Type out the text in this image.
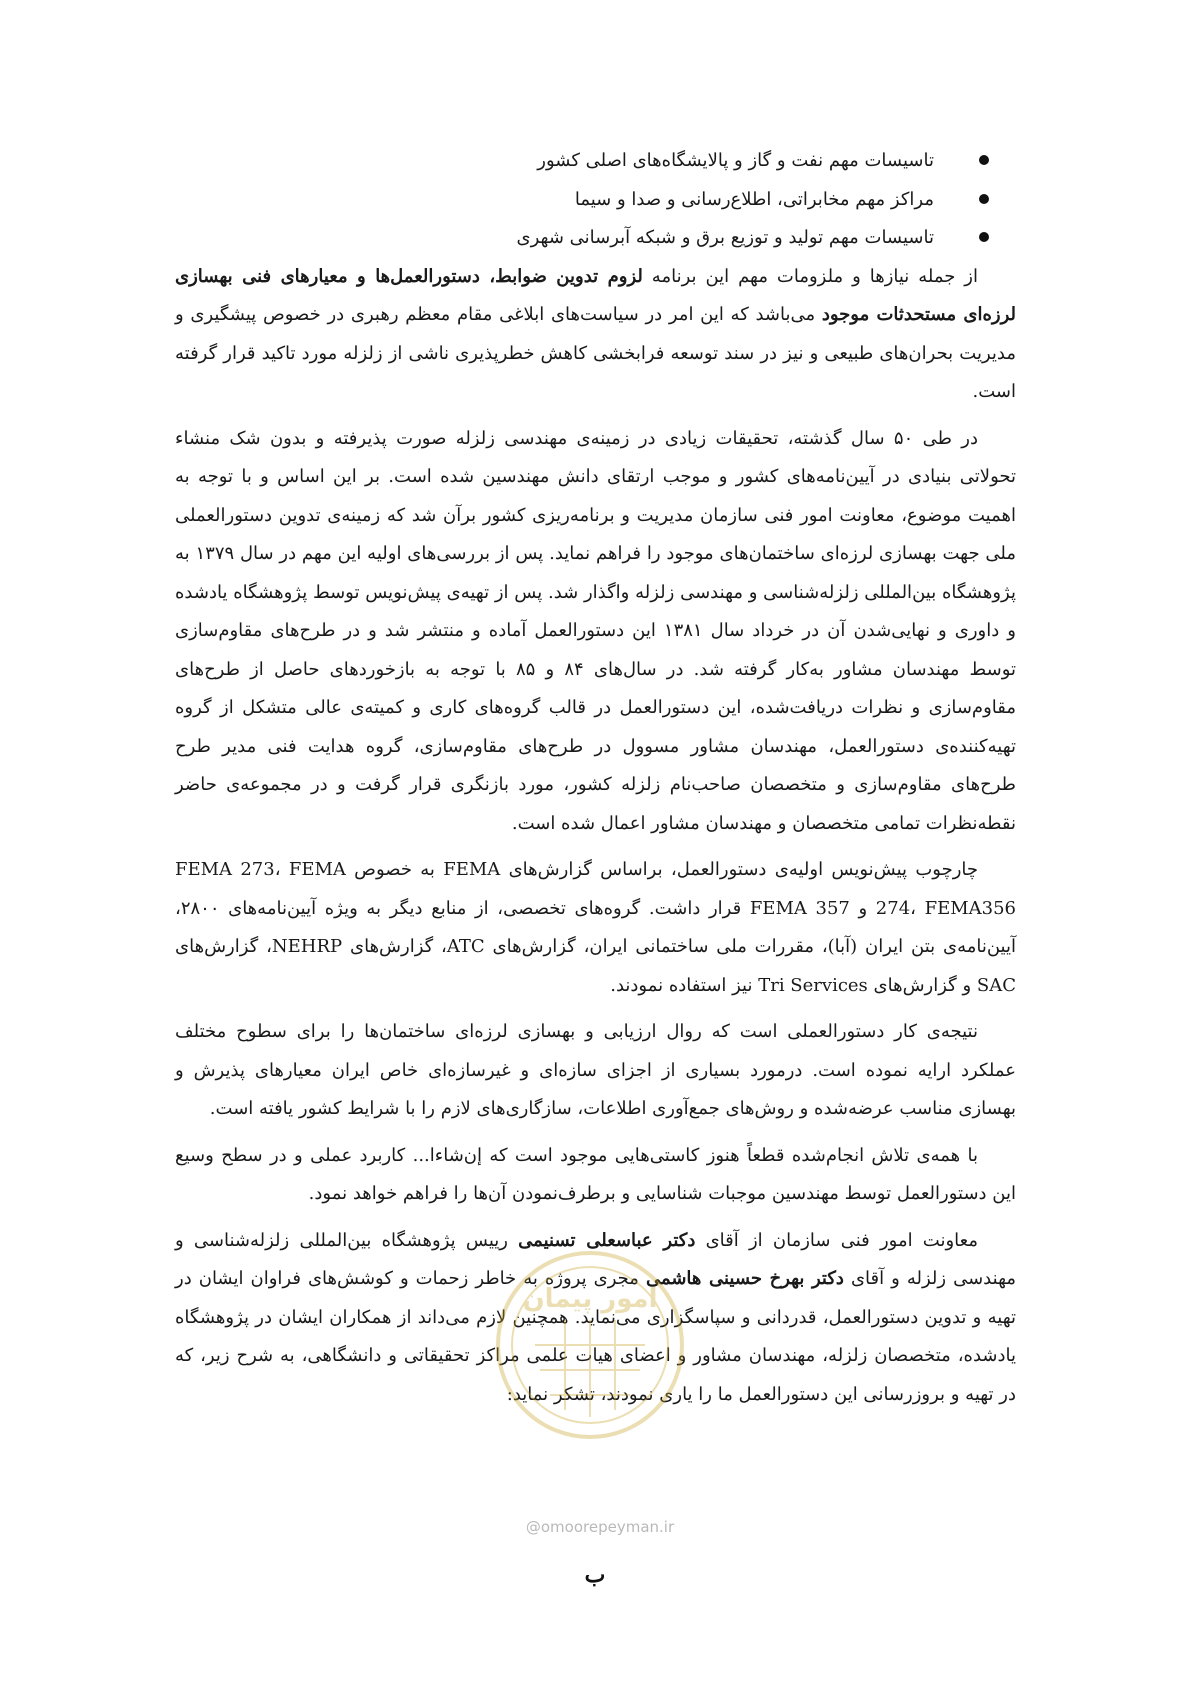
تاسیسات مهم نفت و گاز و پالایشگاه‌های اصلی کشور
مراکز مهم مخابراتی، اطلاع‌رسانی و صدا و سیما
تاسیسات مهم تولید و توزیع برق و شبکه آبرسانی شهری

از جمله نیازها و ملزومات مهم این برنامه لزوم تدوین ضوابط، دستورالعمل‌ها و معیارهای فنی بهسازی لرزه‌ای مستحدثات موجود می‌باشد که این امر در سیاست‌های ابلاغی مقام معظم رهبری در خصوص پیشگیری و مدیریت بحران‌های طبیعی و نیز در سند توسعه فرابخشی کاهش خطرپذیری ناشی از زلزله مورد تاکید قرار گرفته است.

در طی ۵۰ سال گذشته، تحقیقات زیادی در زمینه‌ی مهندسی زلزله صورت پذیرفته و بدون شک منشاء تحولاتی بنیادی در آیین‌نامه‌های کشور و موجب ارتقای دانش مهندسین شده است. بر این اساس و با توجه به اهمیت موضوع، معاونت امور فنی سازمان مدیریت و برنامه‌ریزی کشور برآن شد که زمینه‌ی تدوین دستورالعملی ملی جهت بهسازی لرزه‌ای ساختمان‌های موجود را فراهم نماید. پس از بررسی‌های اولیه این مهم در سال ۱۳۷۹ به پژوهشگاه بین‌المللی زلزله‌شناسی و مهندسی زلزله واگذار شد. پس از تهیه‌ی پیش‌نویس توسط پژوهشگاه یادشده و داوری و نهایی‌شدن آن در خرداد سال ۱۳۸۱ این دستورالعمل آماده و منتشر شد و در طرح‌های مقاوم‌سازی توسط مهندسان مشاور به‌کار گرفته شد. در سال‌های ۸۴ و ۸۵ با توجه به بازخوردهای حاصل از طرح‌های مقاوم‌سازی و نظرات دریافت‌شده، این دستورالعمل در قالب گروه‌های کاری و کمیته‌ی عالی متشکل از گروه تهیه‌کننده‌ی دستورالعمل، مهندسان مشاور مسوول در طرح‌های مقاوم‌سازی، گروه هدایت فنی مدیر طرح طرح‌های مقاوم‌سازی و متخصصان صاحب‌نام زلزله کشور، مورد بازنگری قرار گرفت و در مجموعه‌ی حاضر نقطه‌نظرات تمامی متخصصان و مهندسان مشاور اعمال شده است.

چارچوب پیش‌نویس اولیه‌ی دستورالعمل، براساس گزارش‌های FEMA به خصوص FEMA 273، FEMA 274، FEMA356 و FEMA 357 قرار داشت. گروه‌های تخصصی، از منابع دیگر به ویژه آیین‌نامه‌های ۲۸۰۰، آیین‌نامه‌ی بتن ایران (آبا)، مقررات ملی ساختمانی ایران، گزارش‌های ATC، گزارش‌های NEHRP، گزارش‌های SAC و گزارش‌های Tri Services نیز استفاده نمودند.

نتیجه‌ی کار دستورالعملی است که روال ارزیابی و بهسازی لرزه‌ای ساختمان‌ها را برای سطوح مختلف عملکرد ارایه نموده است. درمورد بسیاری از اجزای سازه‌ای و غیرسازه‌ای خاص ایران معیارهای پذیرش و بهسازی مناسب عرضه‌شده و روش‌های جمع‌آوری اطلاعات، سازگاری‌های لازم را با شرایط کشور یافته است.

با همه‌ی تلاش انجام‌شده قطعاً هنوز کاستی‌هایی موجود است که إن‌شاءا... کاربرد عملی و در سطح وسیع این دستورالعمل توسط مهندسین موجبات شناسایی و برطرف‌نمودن آن‌ها را فراهم خواهد نمود.

معاونت امور فنی سازمان از آقای دکتر عباسعلی تسنیمی رییس پژوهشگاه بین‌المللی زلزله‌شناسی و مهندسی زلزله و آقای دکتر بهرخ حسینی هاشمی مجری پروژه به خاطر زحمات و کوشش‌های فراوان ایشان در تهیه و تدوین دستورالعمل، قدردانی و سپاسگزاری می‌نماید. همچنین لازم می‌داند از همکاران ایشان در پژوهشگاه یادشده، متخصصان زلزله، مهندسان مشاور و اعضای هیات علمی مراکز تحقیقاتی و دانشگاهی، به شرح زیر، که در تهیه و بروزرسانی این دستورالعمل ما را یاری نمودند، تشکر نماید:

امور پیمان
@omoorepeyman.ir
ب
